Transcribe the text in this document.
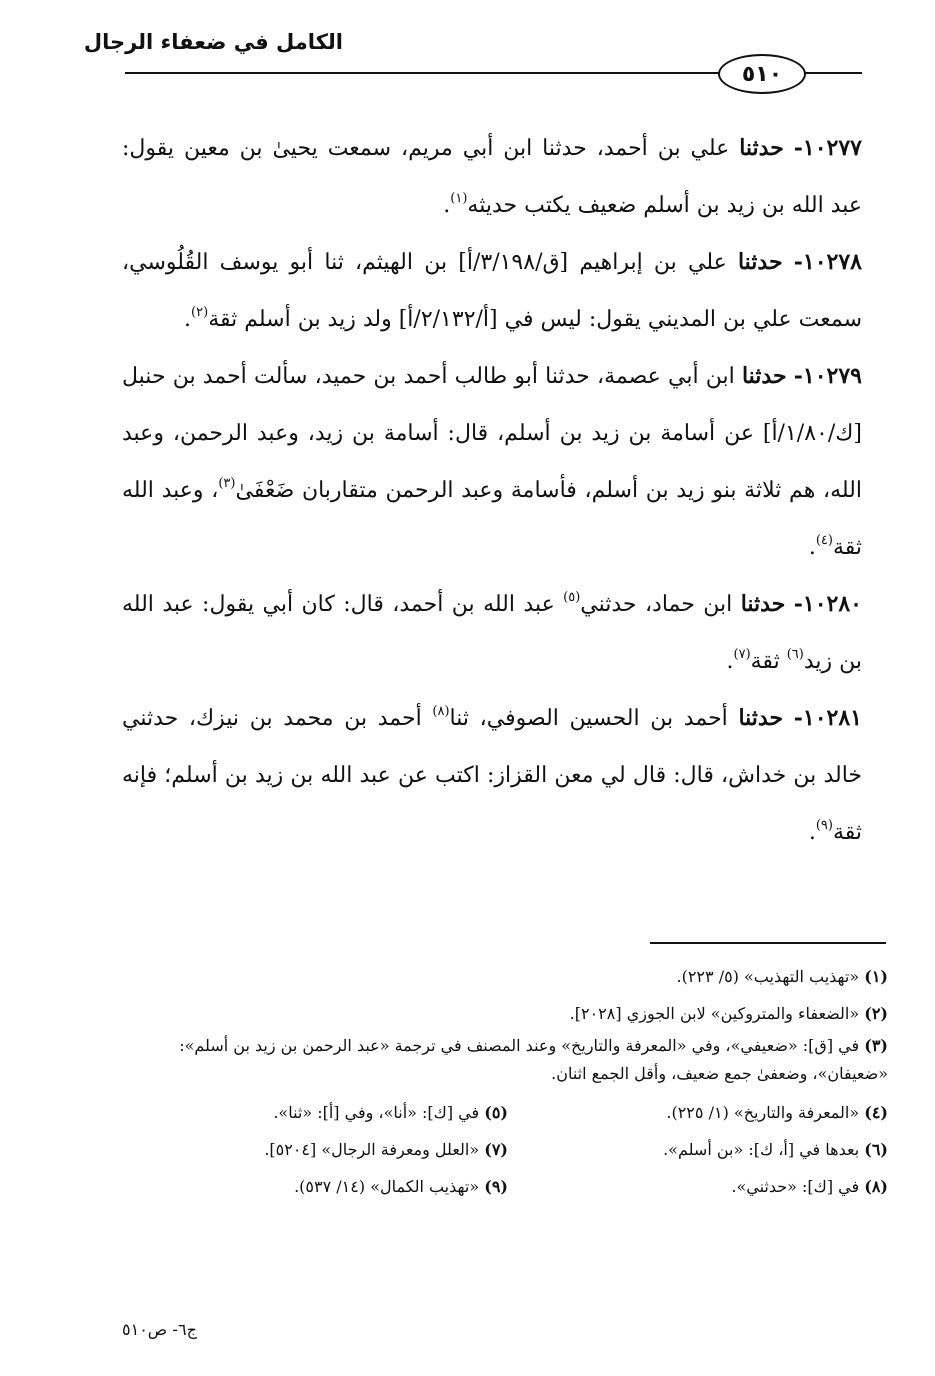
الكامل في ضعفاء الرجال
٥١٠

١٠٢٧٧- حدثنا علي بن أحمد، حدثنا ابن أبي مريم، سمعت يحيىٰ بن معين يقول: عبد الله بن زيد بن أسلم ضعيف يكتب حديثه$^{(١)}$.

١٠٢٧٨- حدثنا علي بن إبراهيم [ق/٣/١٩٨/أ] بن الهيثم، ثنا أبو يوسف القُلُوسي، سمعت علي بن المديني يقول: ليس في [أ/٢/١٣٢/أ] ولد زيد بن أسلم ثقة$^{(٢)}$.

١٠٢٧٩- حدثنا ابن أبي عصمة، حدثنا أبو طالب أحمد بن حميد، سألت أحمد بن حنبل [ك/١/٨٠/أ] عن أسامة بن زيد بن أسلم، قال: أسامة بن زيد، وعبد الرحمن، وعبد الله، هم ثلاثة بنو زيد بن أسلم، فأسامة وعبد الرحمن متقاربان ضَعْفَىٰ$^{(٣)}$، وعبد الله ثقة$^{(٤)}$.

١٠٢٨٠- حدثنا ابن حماد، حدثني$^{(٥)}$ عبد الله بن أحمد، قال: كان أبي يقول: عبد الله بن زيد$^{(٦)}$ ثقة$^{(٧)}$.

١٠٢٨١- حدثنا أحمد بن الحسين الصوفي، ثنا$^{(٨)}$ أحمد بن محمد بن نيزك، حدثني خالد بن خداش، قال: قال لي معن القزاز: اكتب عن عبد الله بن زيد بن أسلم؛ فإنه ثقة$^{(٩)}$.

(١) «تهذيب التهذيب» (٥/ ٢٢٣).

(٢) «الضعفاء والمتروكين» لابن الجوزي [٢٠٢٨].

(٣) في [ق]: «ضعيفي»، وفي «المعرفة والتاريخ» وعند المصنف في ترجمة «عبد الرحمن بن زيد بن أسلم»: «ضعيفان»، وضعفىٰ جمع ضعيف، وأقل الجمع اثنان.

(٤) «المعرفة والتاريخ» (١/ ٢٢٥).

(٥) في [ك]: «أنا»، وفي [أ]: «ثنا».

(٦) بعدها في [أ، ك]: «بن أسلم».

(٧) «العلل ومعرفة الرجال» [٥٢٠٤].

(٨) في [ك]: «حدثني».

(٩) «تهذيب الكمال» (١٤/ ٥٣٧).

ج٦- ص٥١٠
